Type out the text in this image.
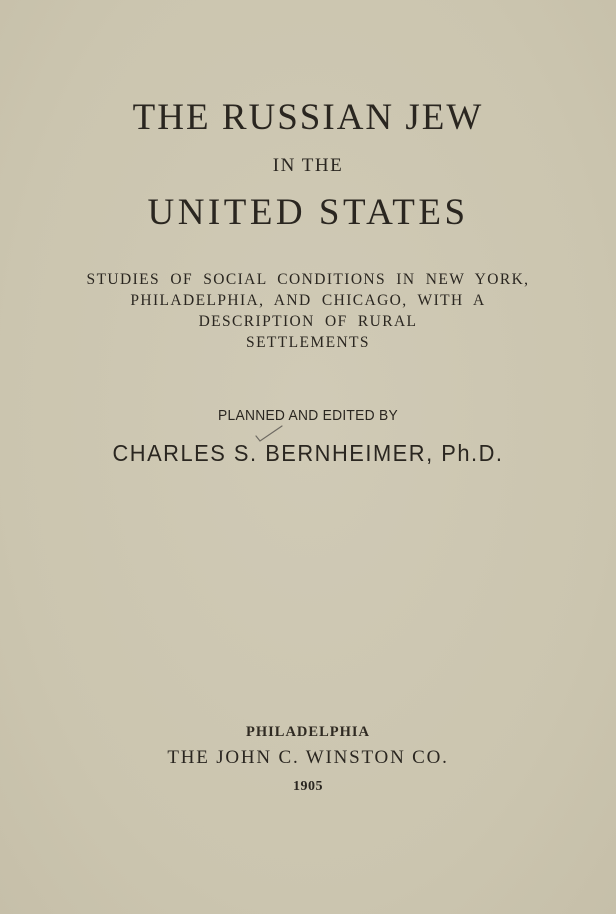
THE RUSSIAN JEW
IN THE
UNITED STATES
STUDIES OF SOCIAL CONDITIONS IN NEW YORK,
PHILADELPHIA, AND CHICAGO, WITH A
DESCRIPTION OF RURAL
SETTLEMENTS
PLANNED AND EDITED BY
CHARLES S. BERNHEIMER, Ph.D.
PHILADELPHIA
THE JOHN C. WINSTON CO.
1905
